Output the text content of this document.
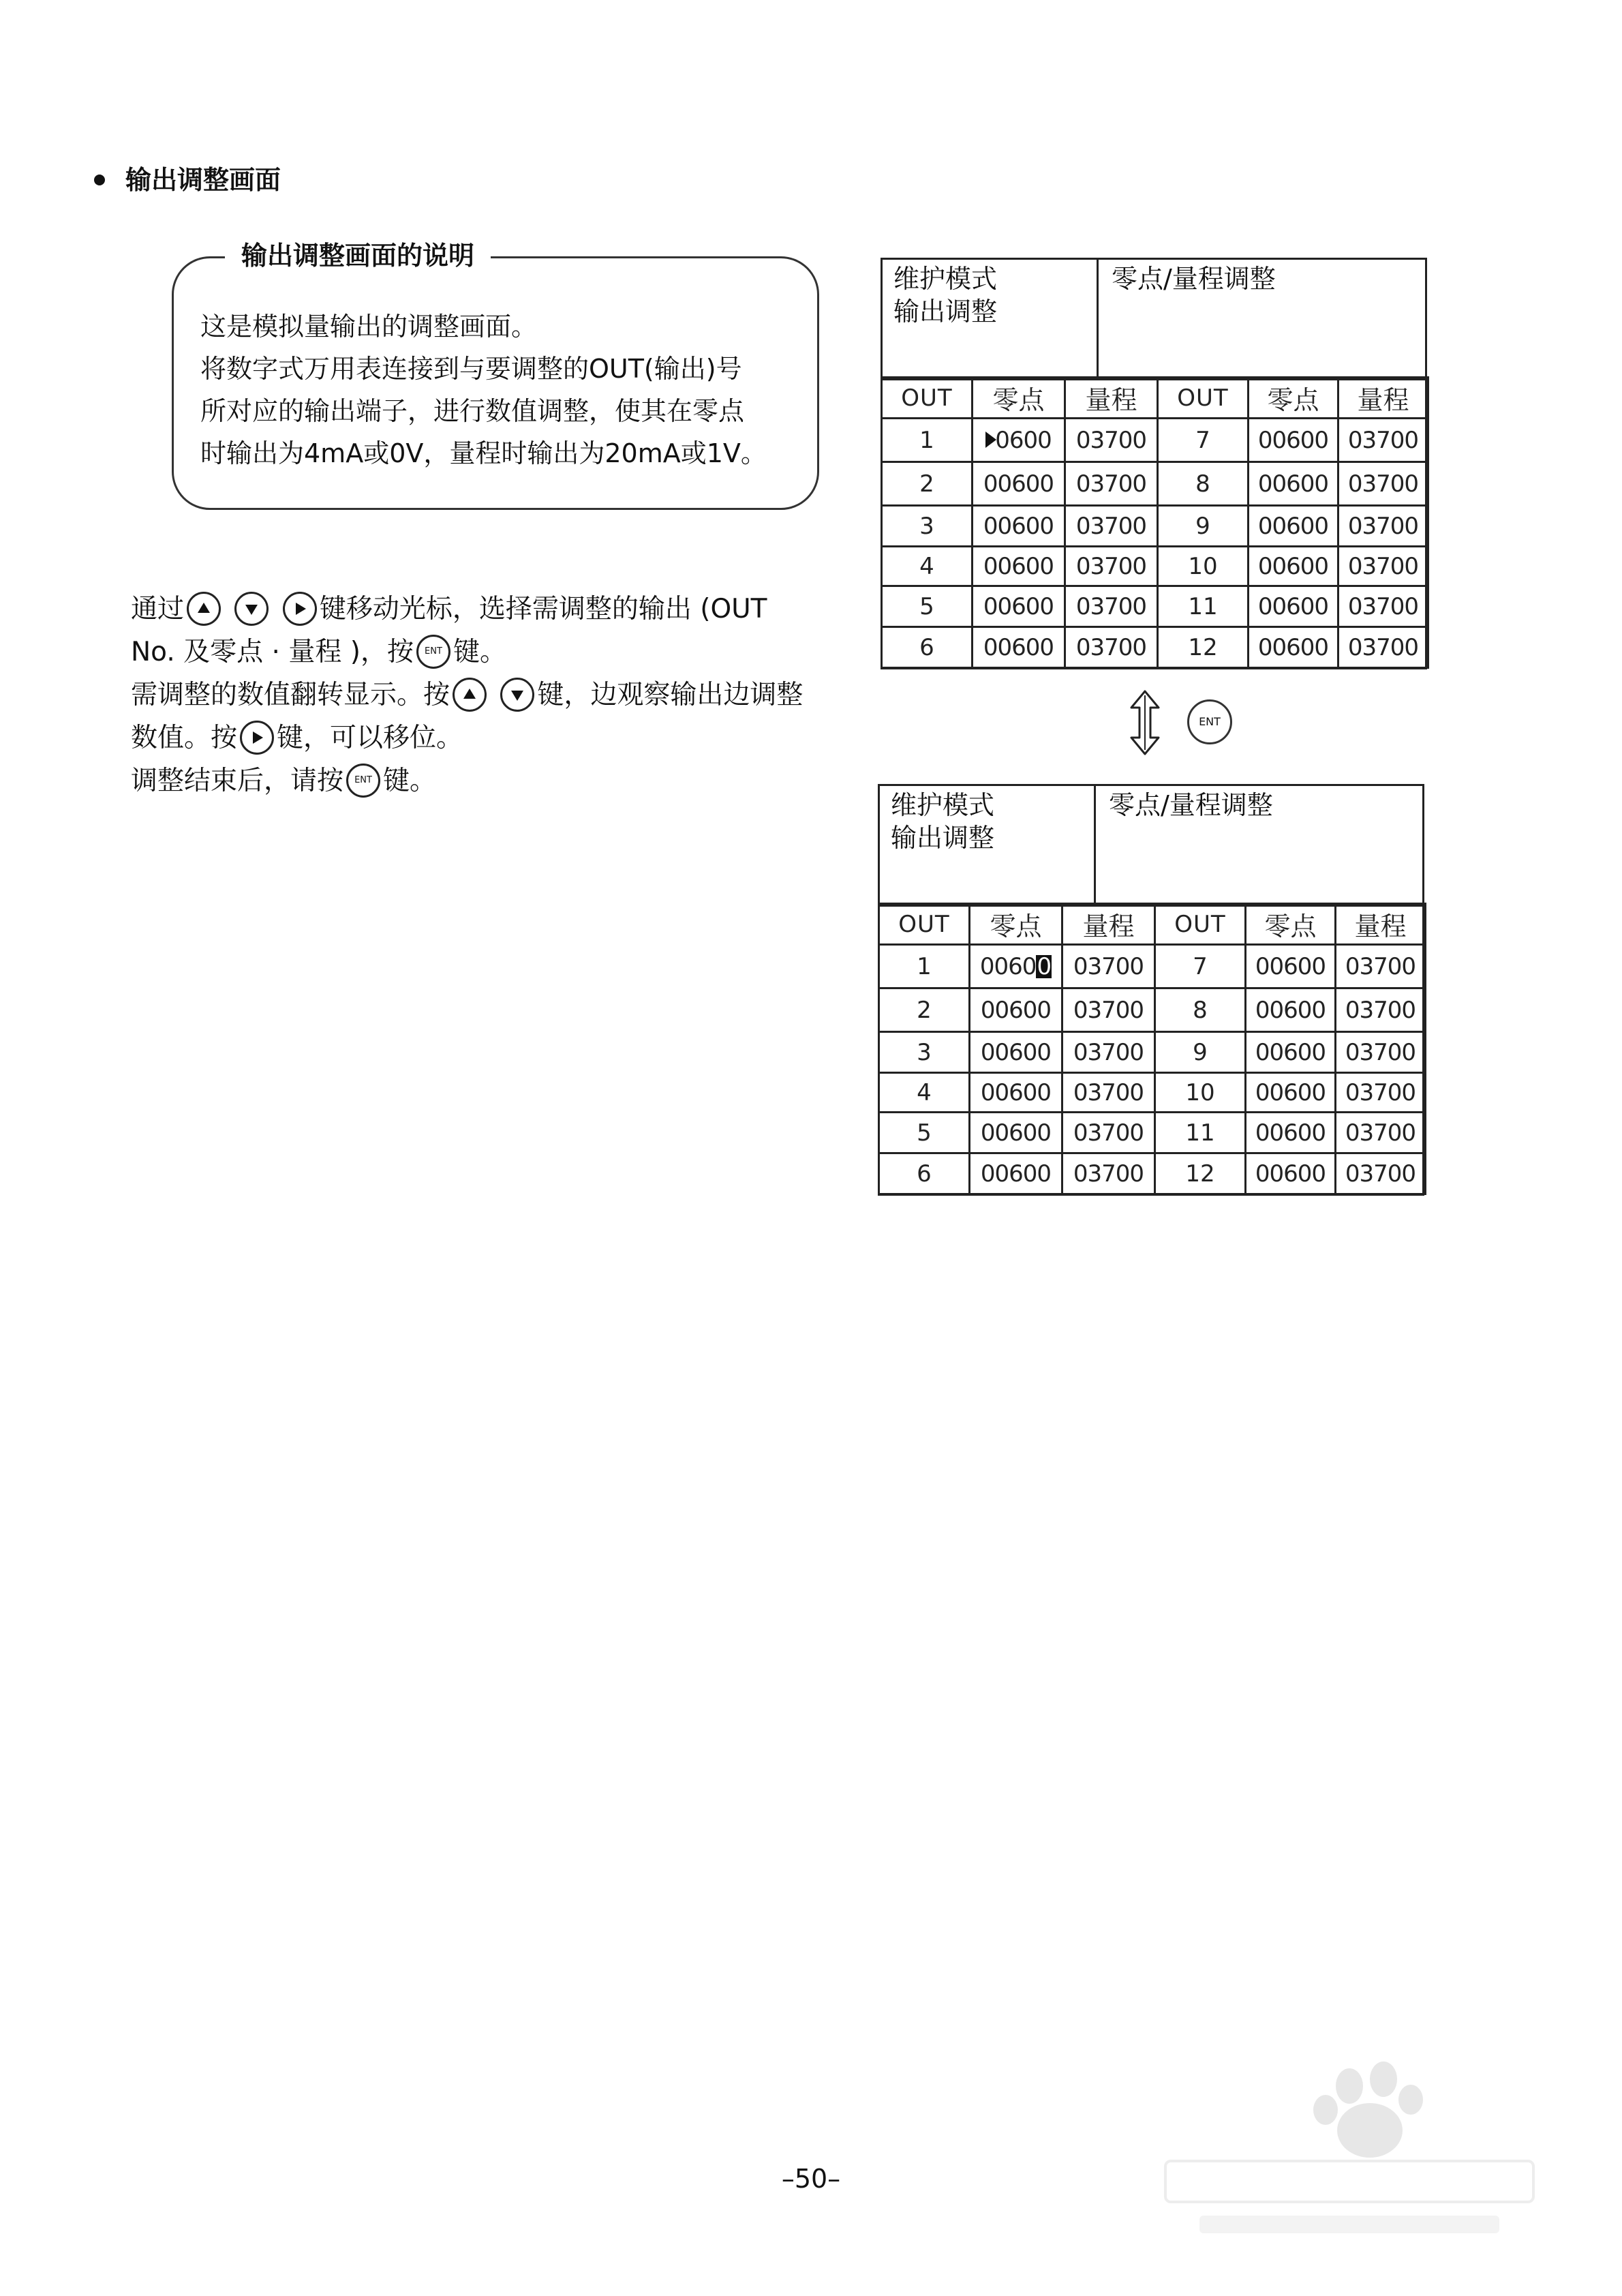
输出调整画面
输出调整画面的说明
这是模拟量输出的调整画面。
将数字式万用表连接到与要调整的OUT(输出)号
所对应的输出端子，进行数值调整，使其在零点
时输出为4mA或0V，量程时输出为20mA或1V。
通过

	键移动光标，选择需调整的输出 (OUT
No. 及零点 · 量程 )，按	ENT 键。
需调整的数值翻转显示。按
	键，边观察输出边调整
数值。按 键，可以移位。
调整结束后，请按	ENT 键。
维护模式
输出调整
零点/量程调整
OUT	零点	量程	OUT	零点	量程
1	0600	03700	7	00600	03700
2	00600	03700	8	00600	03700
3	00600	03700	9	00600	03700
4	00600	03700	10	00600	03700
5	00600	03700	11	00600	03700
6	00600	03700	12	00600	03700
ENT
维护模式
输出调整
零点/量程调整
OUT	零点	量程	OUT	零点	量程
1	00600	03700	7	00600	03700
2	00600	03700	8	00600	03700
3	00600	03700	9	00600	03700
4	00600	03700	10	00600	03700
5	00600	03700	11	00600	03700
6	00600	03700	12	00600	03700
–50–
